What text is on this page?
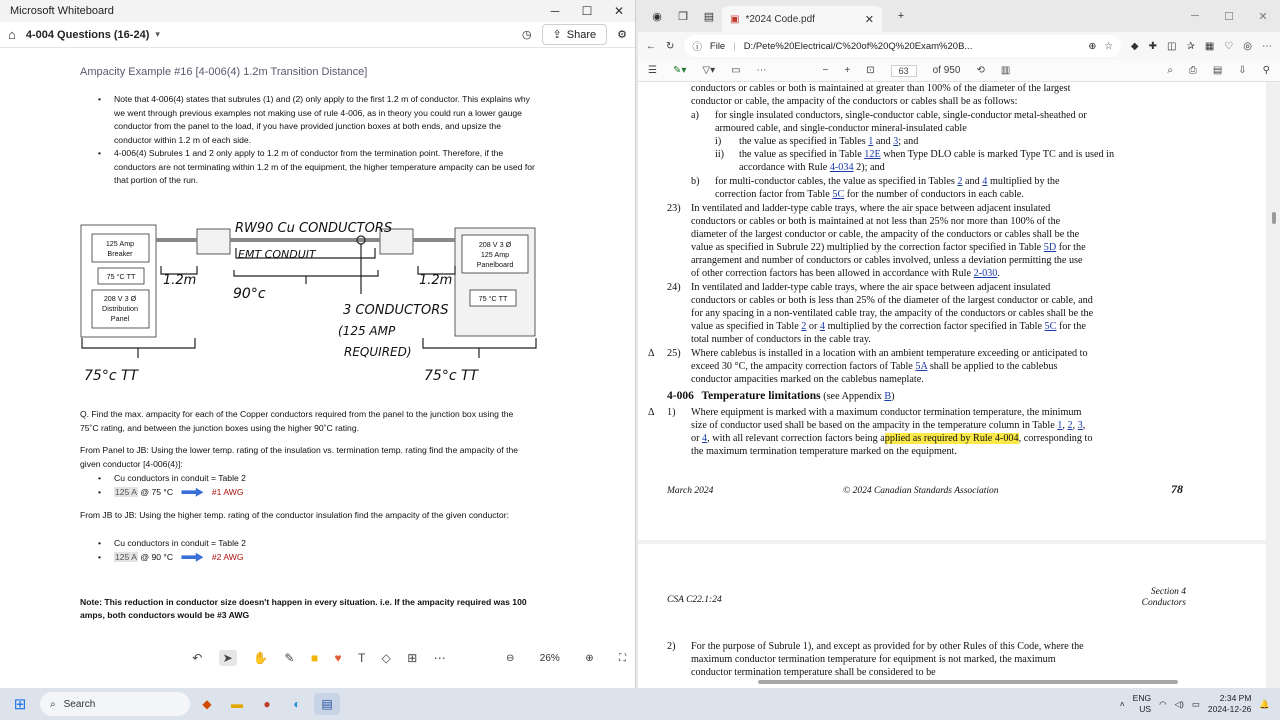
Microsoft Whiteboard	─	☐	✕
⌂ 4-004 Questions (16-24) ▾	◷ ⇪ Share ⚙
Ampacity Example #16 [4-006(4) 1.2m Transition Distance]
• Note that 4-006(4) states that subrules (1) and (2) only apply to the first 1.2 m of conductor. This explains why we went through previous examples not making use of rule 4-006, as in theory you could run a lower gauge conductor from the panel to the load, if you have provided junction boxes at both ends, and upsize the conductor within 1.2 m of each side.
• 4-006(4) Subrules 1 and 2 only apply to 1.2 m of conductor from the termination point. Therefore, if the conductors are not terminating within 1.2 m of the equipment, the higher temperature ampacity can be used for that portion of the run.
125 Amp
Breaker
75 °C TT
208 V 3 Ø
Distribution
Panel
208 V 3 Ø
125 Amp
Panelboard
75 °C TT
RW90 Cu CONDUCTORS
EMT CONDUIT
1.2m	1.2m
90°c
3 CONDUCTORS
(125 AMP
REQUIRED)
75°c TT	75°c TT
Q. Find the max. ampacity for each of the Copper conductors required from the panel to the junction box using the 75˚C rating, and between the junction boxes using the higher 90˚C rating.
From Panel to JB: Using the lower temp. rating of the insulation vs. termination temp. rating find the ampacity of the given conductor [4-006(4)]:
• Cu conductors in conduit = Table 2
• 125 A @ 75 °C	#1 AWG
From JB to JB: Using the higher temp. rating of the conductor insulation find the ampacity of the given conductor:
• Cu conductors in conduit = Table 2
• 125 A @ 90 °C	#2 AWG
Note: This reduction in conductor size doesn't happen in every situation. i.e. If the ampacity required was 100 amps, both conductors would be #3 AWG
↶	➤	✋ ✎ ■ ♥ T ◇ ⊞ ⋯	⊖	26%	⊕	⛶
◉	❐	▤	▣ *2024 Code.pdf	✕	+	─	☐	✕
← ↻ ⓘ File | D:/Pete%20Electrical/C%20of%20Q%20Exam%20B...	⊕ ☆ ◆ ✚ ◫ ✰ ▦ ♡ ◎ ⋯
☰ ✎▾ ▽▾ ▭ ⋯	− + ⊡	63	of 950 ⟲ ▥	⌕ ⎙ ▤ ⇩ ⚲
conductors or cables or both is maintained at greater than 100% of the diameter of the largest
conductor or cable, the ampacity of the conductors or cables shall be as follows:
a) for single insulated conductors, single-conductor cable, single-conductor metal-sheathed or
armoured cable, and single-conductor mineral-insulated cable
i) the value as specified in Tables 1 and 3; and
ii) the value as specified in Table 12E when Type DLO cable is marked Type TC and is used in
accordance with Rule 4-034 2); and
b) for multi-conductor cables, the value as specified in Tables 2 and 4 multiplied by the
correction factor from Table 5C for the number of conductors in each cable.
23) In ventilated and ladder-type cable trays, where the air space between adjacent insulated
conductors or cables or both is maintained at not less than 25% nor more than 100% of the
diameter of the largest conductor or cable, the ampacity of the conductors or cables shall be the
value as specified in Subrule 22) multiplied by the correction factor specified in Table 5D for the
arrangement and number of conductors or cables involved, unless a deviation permitting the use
of other correction factors has been allowed in accordance with Rule 2-030.
24) In ventilated and ladder-type cable trays, where the air space between adjacent insulated
conductors or cables or both is less than 25% of the diameter of the largest conductor or cable, and
for any spacing in a non-ventilated cable tray, the ampacity of the conductors or cables shall be the
value as specified in Table 2 or 4 multiplied by the correction factor specified in Table 5C for the
total number of conductors in the cable tray.
Δ 25) Where cablebus is installed in a location with an ambient temperature exceeding or anticipated to
exceed 30 °C, the ampacity correction factors of Table 5A shall be applied to the cablebus
conductor ampacities marked on the cablebus nameplate.
4-006 Temperature limitations (see Appendix B)
Δ 1) Where equipment is marked with a maximum conductor termination temperature, the minimum
size of conductor used shall be based on the ampacity in the temperature column in Table 1, 2, 3,
or 4, with all relevant correction factors being applied as required by Rule 4-004, corresponding to
the maximum termination temperature marked on the equipment.
March 2024	© 2024 Canadian Standards Association	78
CSA C22.1:24
Section 4
Conductors
2) For the purpose of Subrule 1), and except as provided for by other Rules of this Code, where the
maximum conductor termination temperature for equipment is not marked, the maximum
conductor termination temperature shall be considered to be
⊞	⌕ Search	◆	▬	●	◐	▤	˄
ENG
US
◠ ◁) ▭
2:34 PM
2024-12-26
🔔
